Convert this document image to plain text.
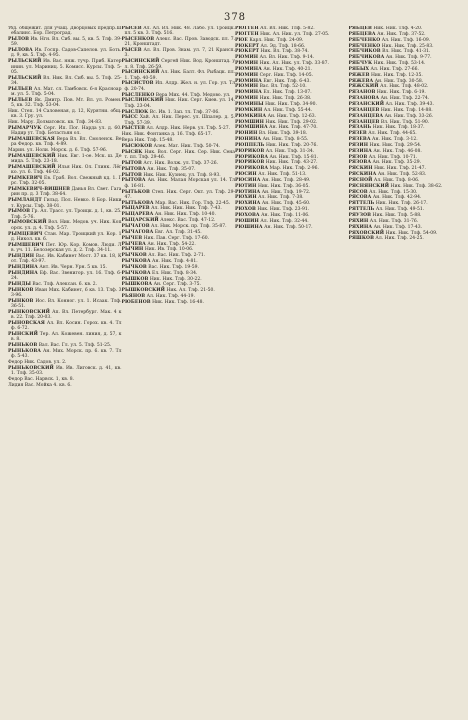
378

тбд. общежит. для учащ. Дворцовых предпр.Шебалинс. Бор. Петроград.

РЫЛОВ Ив. Нгн. Вл. Сиб. вы. 5, кв. 5. Тлф. 39-59.

РЫЛОВА Ив. Госпр. Садов-Сапелов. ул. Боть. д. 9, кв. 5. Тлф. 4-95.

РЫЛЬСКИЙ Ив. Вас. ннж. тучр. Приб. Катеринин. ул. Мариниц. 5. Комисс. Курсы. Тлф. 5-05.

РЫЛЬСКИЙ Вл. Ник. Вл. Сиб. вы. 5. Тлф. 25-34.

РЫЛЬЕВ Ал. Мат. сл. Тамбовск. 6-я Красноарм. ул. 5. Тлф. 5-04.

РЫЛЬЕВ Як. Дмитр. Пов. Мт. Вл. ул. Ромен. 5, кв. 32. Тлф. 53-04.

Ник. Степ. 14 Саловеная, д. 12, Курятни. общ. кв. 3. Гру. ул.

Ник. Мару. Долматовск. кв. Тлф. 34-83.

РЫМАРЧУК Серг. Ип. Пог. Нарда ул. д. 60. Надир ут. Тлф. Бетастьян ол.

РЫМАШЕВСКАЯ Вера Вл. Вл. Смоленск. Вера Федор. кв. Тлф. 4-89.

Марин. ул. Ноли. Морск. д. 6. Тлф. 57-96.

РЫМАШЕВСКИЙ Ник. Евг. 1-ое. Мск. ш. Демида. 5. Тлф. 23-18.

РЫМАШЕВСКИЙ Илья Ник. Ол. Глинк. Лёгко. ул. 6. Тлф. 46-02.

РЫМКЕВИЧ Ев. Граб. Вол. Свежный кд. 1. Грс. Тлф. 32-05.

РЫМКЕВИЧ-ВИШНЕВ Данья Вл. Свет. Гагарин пр. д. 3 Тлф. 38-64.

РЫМЛАНДТ Гильд. Пол. Невко. 8 Бор. Никит. Курсы. Тлф. 38-01.

РЫМОВ Гр. Ал. Трасс. ул. Троицк. д. 1, кв. 25. Тлф. 5-76.

РЫМОВСКИЙ Вол. Ник. Медов. уч. Ник. Копорск. ул. д. 4. Тлф. 5-57.

РЫМЦЕВИЧ Стан. Мар. Троицкий ул. Кор. 1 д. Никол. кв. 6.

РЫМШЕВИЧ Пет. Юр. Кор. Комов. Люди. Лв. уч. 11. Белозерская ул. д. 2. Тлф. 34-11.

РЫНДИН Вас. Ив. Кабинет Мост. 37 кв. 18, Кот. Тлф. 43-97.

РЫНДИНА Ант. Ив. Черн. Урн. 5 кв. 15.

РЫНДИНА Еф. Вас. Звенигор. ул. 16. Тлф. 6-24.

РЫНДЫ Вас. Тлф. Алексан. 6. кв. 2.

РЫНКОВ Иван Мих. Кабинет, 6 кв. 13. Тлф. 33-96.

РЫНКОВ Иос. Вл. Конног. ул. 1. Исаак. Тлф. 36-51.

РЫНКОВСКИЙ Ап. Вл. Петербург. Мак. 4 кв. 22. Тлф. 20-03.

РЫНОВСКАЯ Ал. Вл. Косин. Горох. кв. 4. Тлф. 6-72.

РЫНСКИЙ Тер. Ал. Кожевен. линия, д. 57, кв. 8.

РЫНЬКОВ Вал. Вас. Гл. ул. 5. Тлф. 51-25.

РЫНЬКОВА Ан. Мих. Морск. пр. 6. кв. 7. Тлф. 5-43.

Федор Ник. Садов. ул. 2.

РЫНЬКОВСКИЙ Ив. Ив. Лиговск. д. 41, кв. 1. Тлф. 35-03.

Федор Вас. Нарвск. 1, кв. 8.

Лидия Вас. Мойка 4. кв. 6.

РЫСЕВ Ал. Ал. Вл. Ник. 48. Лабо. ул. Троицк. пл. 5 кв. 3. Тлф. 516.

РЫСЕНКОВ Алекс. Вас. Пров. Заводск. пл. 7. 21, Кронштадт.

РЫСЕВ Ал. Вл. Пров. Знам. ул. 7, 21 Крансп. 3.

РЫСИНСКИЙ Сергей Ник. Вод. Кронштад. ул. 8. Тлф. 26-59.

РЫСИНСКИЙ Ал. Ник. Балт. Фл. Рыбацк. пл. 1. Тлф. 40-59.

РЫСИСТОВ Ип. Алдр. Жел. н. ул. Гор. ул. Тлф. 20-74.

РЫСЛЕНКО Вера Мих. 44. Тлф. Медово. ул.

РЫСЛИНСКИЙ Ник. Ник. Серг. Киев. ул. 14. Тлф. 23-04.

РЫСЛЮК Вс. Ив. 1. Зап. тл. Тлф. 37-06.

РЫСС Хай. Ал. Ник. Перес. ул. Шпалер. д. 5. Тлф. 57-39.

РЫСТЕВ Ал. Алдр. Ник. Нерв. ул. Тлф. 5-27.

Ник. Ник. Фонтанка д. 16. Тлф. 65-17.

Вера Ник. Тлф. 15-48.

РЫСЮКОВ Алек. Мат. Ник. Тлф. 50-74.

РЫСЯК Ник. Вол. Серг. Ник. Сер. Ник. Сенат. пл. Тлф. 29-46.

РЫТОВ Аст. Ник. Волж. ул. Тлф. 37-26.

РЫТОВА Ан. Ник. Тлф. 35-07.

РЫТОВ Ник. Ник. Кузнец. ул. Тлф. 8-93.

РЫТОВА Ан. Ник. Малая Морская ул. 14. Тлф. 16-81.

РЫТЬКОВ Степ. Ник. Серг. Окт. ул. Тлф. 29-47.

РЫТЬКОВА Мар. Вас. Ник. Гор. Тлф. 22-45.

РЫЦАРЕВ Ал. Ник. Ник. Ник. Тлф. 7-43.

РЫЦАРЕВА Ан. Ник. Ник. Тлф. 10-40.

РЫЦАРСКИЙ Алекс. Вас. Тлф. 47-12.

РЫЧАГОВ Ал. Ник. Морск. пр. Тлф. 35-87.

РЫЧАГОВА Евг. Ал. Тлф. 31-45.

РЫЧЕВ Ник. Пав. Серг. Тлф. 17-60.

РЫЧЕВА Ан. Ник. Тлф. 54-22.

РЫЧИН Ник. Ив. Тлф. 10-06.

РЫЧКОВ Ал. Вас. Ник. Тлф. 2-71.

РЫЧКОВА Ан. Ник. Тлф. 4-81.

РЫЧКОВ Вас. Ник. Тлф. 19-59.

РЫЧКОВА Ел. Ник. Тлф. 8-34.

РЫШКОВ Ник. Ник. Тлф. 30-22.

РЫШКОВА Ан. Серг. Тлф. 3-75.

РЫШКОВСКИЙ Ник. Ал. Тлф. 21-50.

РЬЯНОВ Ал. Ник. Тлф. 44-19.

РЮБЕНОВ Ник. Ник. Тлф. 16-48.

РЮГГЕН Ал. Вл. Ник. Тлф. 5-82.

РЮГГЕН Ник. Ал. Ник. ул. Тлф. 27-05.

РЮЕ Карл. Ник. Тлф. 24-09.

РЮКЕРТ Ал. Эд. Тлф. 18-66.

РЮКЕРТ Ник. Вл. Тлф. 38-74.

РЮМИН Ал. Вл. Ник. Тлф. 9-14.

РЮМИН Ник. Ал. Ник. ул. Тлф. 33-87.

РЮМИНА Ан. Ник. Тлф. 40-21.

РЮМИН Серг. Ник. Тлф. 14-05.

РЮМИНА Евг. Ник. Тлф. 6-43.

РЮМИН Вас. Вл. Тлф. 52-10.

РЮМИНА Ел. Ник. Тлф. 13-07.

РЮМИН Ник. Ник. Тлф. 26-38.

РЮМИНЫ Ник. Ник. Тлф. 34-90.

РЮМКИН Ал. Ник. Тлф. 55-44.

РЮМКИНА Ан. Ник. Тлф. 12-63.

РЮМШИН Ник. Ник. Тлф. 29-02.

РЮМШИНА Ан. Ник. Тлф. 47-70.

РЮНИН Вл. Ник. Тлф. 39-18.

РЮНИНА Ан. Ник. Тлф. 8-55.

РЮППЕЛЬ Ник. Ник. Тлф. 20-76.

РЮРИКОВ Ал. Ник. Тлф. 31-34.

РЮРИКОВА Ан. Ник. Тлф. 15-81.

РЮРИКОВ Ник. Ник. Тлф. 43-27.

РЮРИКОВА Мар. Ник. Тлф. 2-96.

РЮСИН Ал. Ник. Тлф. 51-13.

РЮСИНА Ан. Ник. Тлф. 28-49.

РЮТИН Ник. Ник. Тлф. 36-05.

РЮТИНА Ан. Ник. Тлф. 19-72.

РЮХИН Ал. Ник. Тлф. 7-38.

РЮХИНА Ан. Ник. Тлф. 45-60.

РЮХОВ Ник. Ник. Тлф. 23-91.

РЮХОВА Ан. Ник. Тлф. 11-06.

РЮШИН Ал. Ник. Тлф. 32-44.

РЮШИНА Ан. Ник. Тлф. 50-17.

РЯБЦЕВ Ник. Ник. Тлф. 4-20.

РЯБЦЕВА Ан. Ник. Тлф. 37-52.

РЯБЧЕНКО Ал. Ник. Тлф. 16-09.

РЯБЧЕНКО Ник. Ник. Тлф. 25-83.

РЯБЧИКОВ Вл. Ник. Тлф. 41-31.

РЯБЧИКОВА Ан. Ник. Тлф. 9-77.

РЯБЧУК Ник. Ник. Тлф. 53-14.

РЯБЫХ Ал. Ник. Тлф. 27-66.

РЯЖЕВ Ник. Ник. Тлф. 12-35.

РЯЖЕВА Ан. Ник. Тлф. 30-58.

РЯЖСКИЙ Ал. Ник. Тлф. 48-02.

РЯЗАНОВ Ник. Ник. Тлф. 6-19.

РЯЗАНОВА Ан. Ник. Тлф. 22-74.

РЯЗАНСКИЙ Ал. Ник. Тлф. 39-43.

РЯЗАНЦЕВ Ник. Ник. Тлф. 14-88.

РЯЗАНЦЕВА Ан. Ник. Тлф. 33-26.

РЯЗАНЦЕВ Вл. Ник. Тлф. 51-90.

РЯЗАНЬ Ник. Ник. Тлф. 18-37.

РЯЗЕВ Ал. Ник. Тлф. 44-65.

РЯЗЕВА Ан. Ник. Тлф. 3-12.

РЯЗИН Ник. Ник. Тлф. 29-54.

РЯЗИНА Ан. Ник. Тлф. 46-08.

РЯЗОВ Ал. Ник. Тлф. 10-71.

РЯЗОВА Ан. Ник. Тлф. 35-29.

РЯСКИН Ник. Ник. Тлф. 21-47.

РЯСКИНА Ан. Ник. Тлф. 52-83.

РЯСНОЙ Ал. Ник. Тлф. 8-06.

РЯСНЯНСКИЙ Ник. Ник. Тлф. 38-62.

РЯСОВ Ал. Ник. Тлф. 15-30.

РЯСОВА Ан. Ник. Тлф. 42-94.

РЯТТЕЛЬ Ник. Ник. Тлф. 26-17.

РЯТТЕЛЬ Ал. Ник. Тлф. 49-51.

РЯУЗОВ Ник. Ник. Тлф. 5-88.

РЯХИН Ал. Ник. Тлф. 31-76.

РЯХИНА Ан. Ник. Тлф. 17-43.

РЯХОВСКИЙ Ник. Ник. Тлф. 54-09.

РЯШКОВ Ал. Ник. Тлф. 24-25.
